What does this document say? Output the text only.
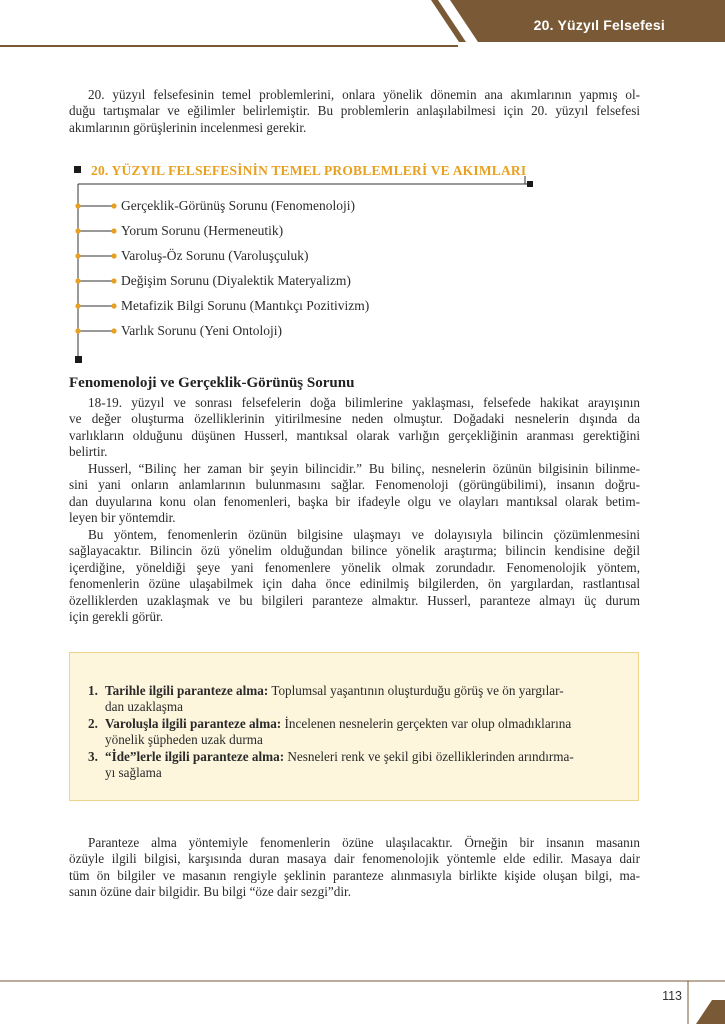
20. Yüzyıl Felsefesi
20. yüzyıl felsefesinin temel problemlerini, onlara yönelik dönemin ana akımlarının yapmış ol-
duğu tartışmalar ve eğilimler belirlemiştir. Bu problemlerin anlaşılabilmesi için 20. yüzyıl felsefesi
akımlarının görüşlerinin incelenmesi gerekir.
20. YÜZYIL FELSEFESİNİN TEMEL PROBLEMLERİ VE AKIMLARI
Gerçeklik-Görünüş Sorunu (Fenomenoloji)
Yorum Sorunu (Hermeneutik)
Varoluş-Öz Sorunu (Varoluşçuluk)
Değişim Sorunu (Diyalektik Materyalizm)
Metafizik Bilgi Sorunu (Mantıkçı Pozitivizm)
Varlık Sorunu (Yeni Ontoloji)
Fenomenoloji ve Gerçeklik-Görünüş Sorunu
18-19. yüzyıl ve sonrası felsefelerin doğa bilimlerine yaklaşması, felsefede hakikat arayışının
ve değer oluşturma özelliklerinin yitirilmesine neden olmuştur. Doğadaki nesnelerin dışında da
varlıkların olduğunu düşünen Husserl, mantıksal olarak varlığın gerçekliğinin aranması gerektiğini
belirtir.
Husserl, “Bilinç her zaman bir şeyin bilincidir.” Bu bilinç, nesnelerin özünün bilgisinin bilinme-
sini yani onların anlamlarının bulunmasını sağlar. Fenomenoloji (görüngübilimi), insanın doğru-
dan duyularına konu olan fenomenleri, başka bir ifadeyle olgu ve olayları mantıksal olarak betim-
leyen bir yöntemdir.
Bu yöntem, fenomenlerin özünün bilgisine ulaşmayı ve dolayısıyla bilincin çözümlenmesini
sağlayacaktır. Bilincin özü yönelim olduğundan bilince yönelik araştırma; bilincin kendisine değil
içerdiğine, yöneldiği şeye yani fenomenlere yönelik olmak zorundadır. Fenomenolojik yöntem,
fenomenlerin özüne ulaşabilmek için daha önce edinilmiş bilgilerden, ön yargılardan, rastlantısal
özelliklerden uzaklaşmak ve bu bilgileri paranteze almaktır. Husserl, paranteze almayı üç durum
için gerekli görür.
1. Tarihle ilgili paranteze alma: Toplumsal yaşantının oluşturduğu görüş ve ön yargılar-
dan uzaklaşma
2. Varoluşla ilgili paranteze alma: İncelenen nesnelerin gerçekten var olup olmadıklarına
yönelik şüpheden uzak durma
3. “İde”lerle ilgili paranteze alma: Nesneleri renk ve şekil gibi özelliklerinden arındırma-
yı sağlama
Paranteze alma yöntemiyle fenomenlerin özüne ulaşılacaktır. Örneğin bir insanın masanın
özüyle ilgili bilgisi, karşısında duran masaya dair fenomenolojik yöntemle elde edilir. Masaya dair
tüm ön bilgiler ve masanın rengiyle şeklinin paranteze alınmasıyla birlikte kişide oluşan bilgi, ma-
sanın özüne dair bilgidir. Bu bilgi “öze dair sezgi”dir.
113
